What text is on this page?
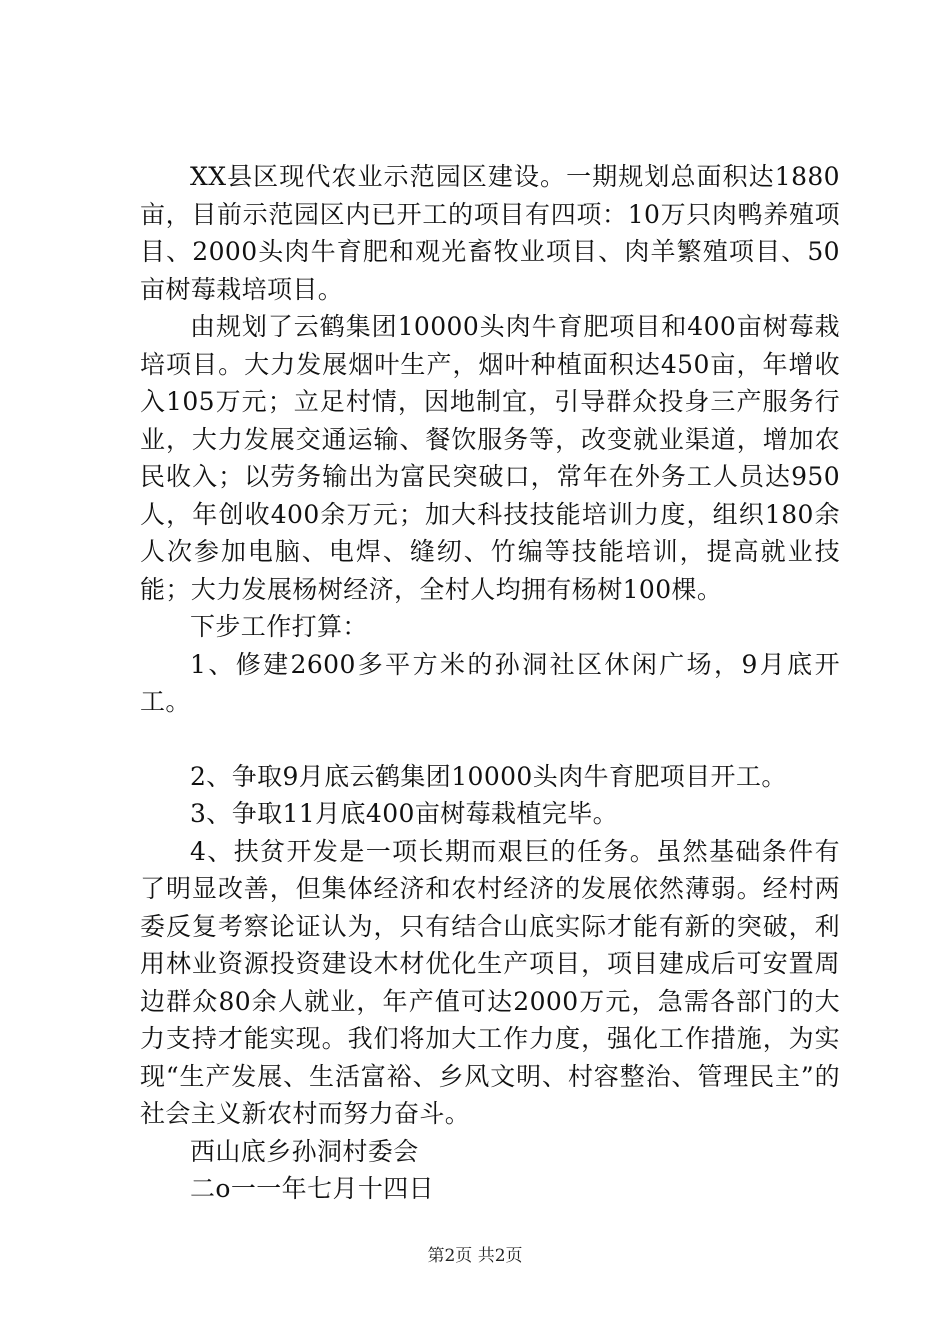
XX县区现代农业示范园区建设。一期规划总面积达1880亩，目前示范园区内已开工的项目有四项：10万只肉鸭养殖项目、2000头肉牛育肥和观光畜牧业项目、肉羊繁殖项目、50亩树莓栽培项目。

由规划了云鹤集团10000头肉牛育肥项目和400亩树莓栽培项目。大力发展烟叶生产，烟叶种植面积达450亩，年增收入105万元；立足村情，因地制宜，引导群众投身三产服务行业，大力发展交通运输、餐饮服务等，改变就业渠道，增加农民收入；以劳务输出为富民突破口，常年在外务工人员达950人，年创收400余万元；加大科技技能培训力度，组织180余人次参加电脑、电焊、缝纫、竹编等技能培训，提高就业技能；大力发展杨树经济，全村人均拥有杨树100棵。

下步工作打算：

1、修建2600多平方米的孙洞社区休闲广场，9月底开工。

2、争取9月底云鹤集团10000头肉牛育肥项目开工。

3、争取11月底400亩树莓栽植完毕。

4、扶贫开发是一项长期而艰巨的任务。虽然基础条件有了明显改善，但集体经济和农村经济的发展依然薄弱。经村两委反复考察论证认为，只有结合山底实际才能有新的突破，利用林业资源投资建设木材优化生产项目，项目建成后可安置周边群众80余人就业，年产值可达2000万元，急需各部门的大力支持才能实现。我们将加大工作力度，强化工作措施，为实现“生产发展、生活富裕、乡风文明、村容整治、管理民主”的社会主义新农村而努力奋斗。

西山底乡孙洞村委会

二o一一年七月十四日

第2页 共2页
